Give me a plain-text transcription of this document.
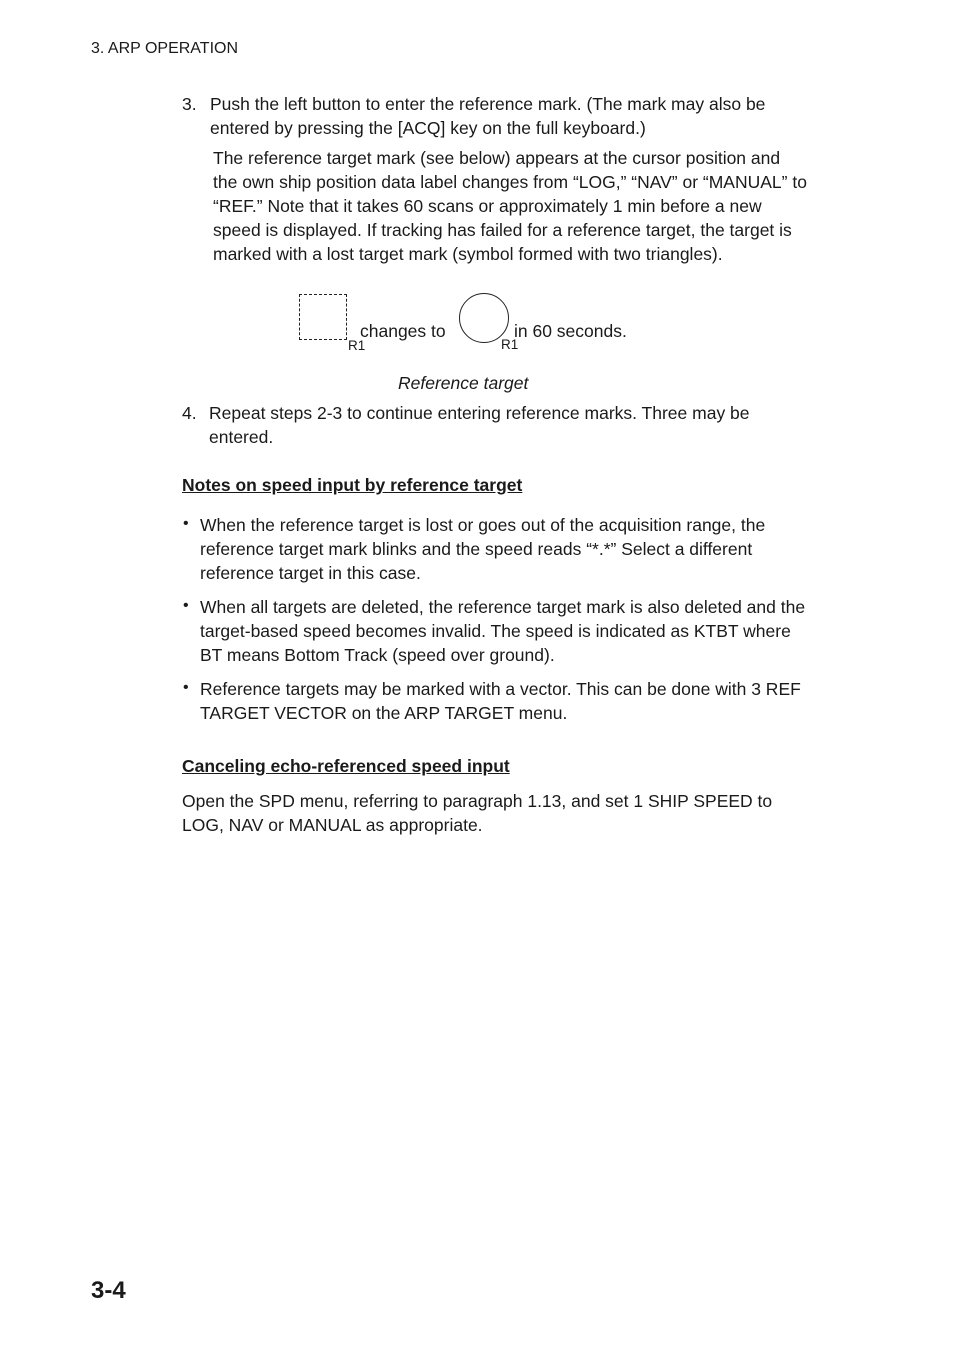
3. ARP OPERATION
3. Push the left button to enter the reference mark. (The mark may also be
entered by pressing the [ACQ] key on the full keyboard.)
The reference target mark (see below) appears at the cursor position and
the own ship position data label changes from “LOG,” “NAV” or “MANUAL” to
“REF.” Note that it takes 60 scans or approximately 1 min before a new
speed is displayed. If tracking has failed for a reference target, the target is
marked with a lost target mark (symbol formed with two triangles).
R1
changes to
R1
in 60 seconds.
Reference target
4. Repeat steps 2-3 to continue entering reference marks. Three may be
entered.
Notes on speed input by reference target
• When the reference target is lost or goes out of the acquisition range, the
reference target mark blinks and the speed reads “*.*” Select a different
reference target in this case.
• When all targets are deleted, the reference target mark is also deleted and the
target-based speed becomes invalid. The speed is indicated as KTBT where
BT means Bottom Track (speed over ground).
• Reference targets may be marked with a vector. This can be done with 3 REF
TARGET VECTOR on the ARP TARGET menu.
Canceling echo-referenced speed input
Open the SPD menu, referring to paragraph 1.13, and set 1 SHIP SPEED to
LOG, NAV or MANUAL as appropriate.
3-4
